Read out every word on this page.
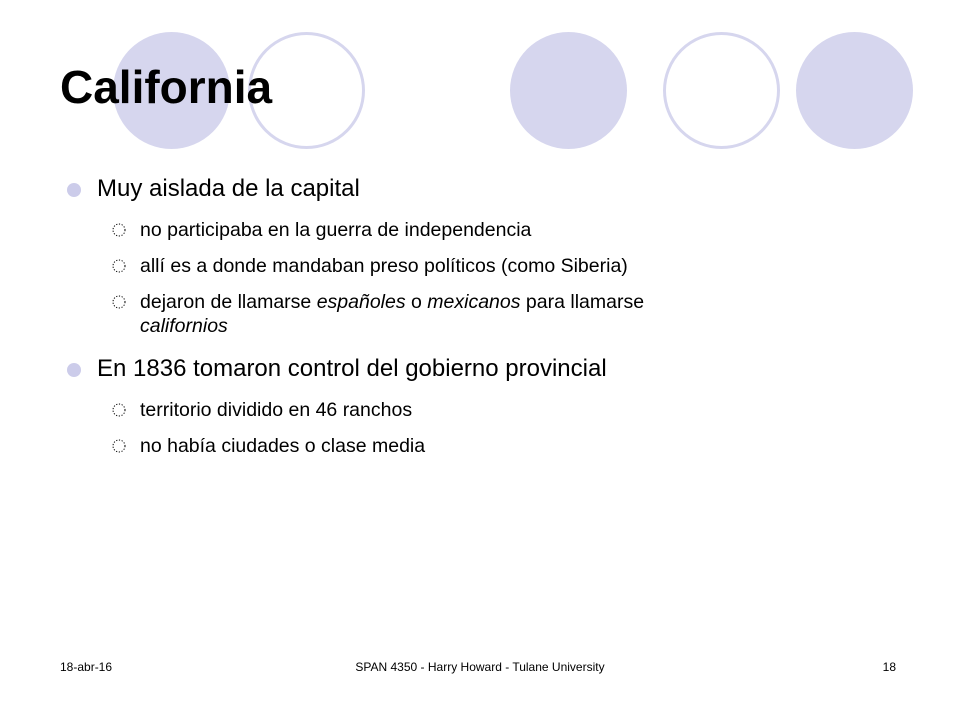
California
Muy aislada de la capital
no participaba en la guerra de independencia
allí es a donde mandaban preso políticos (como Siberia)
dejaron de llamarse españoles o mexicanos para llamarse
californios
En 1836 tomaron control del gobierno provincial
territorio dividido en 46 ranchos
no había ciudades o clase media
18-abr-16	SPAN 4350 - Harry Howard - Tulane University	18
